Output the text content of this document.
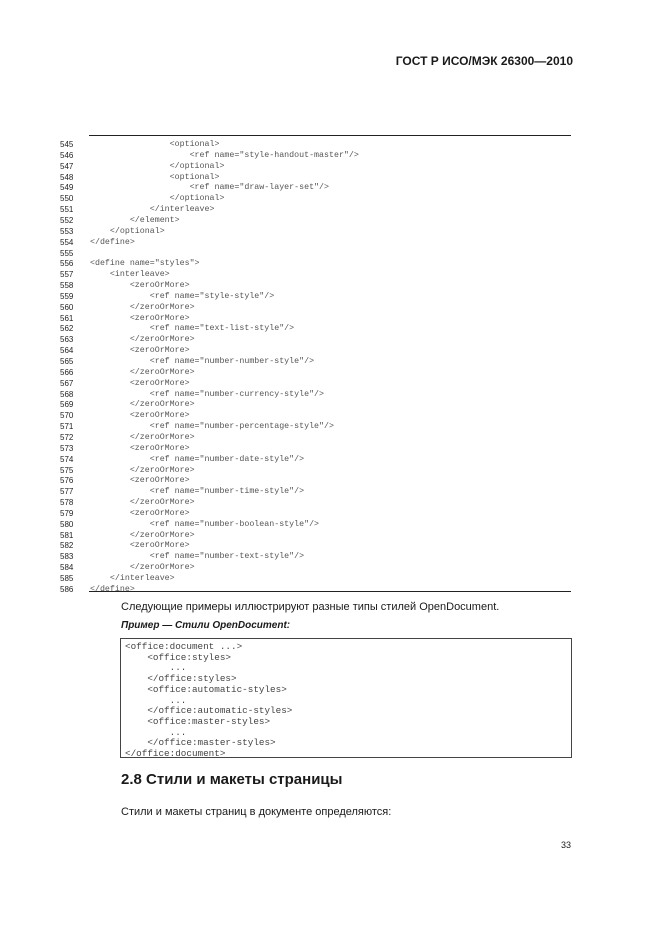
ГОСТ Р ИСО/МЭК 26300—2010
545	<optional>
546	<ref name="style-handout-master"/>
547	</optional>
548	<optional>
549	<ref name="draw-layer-set"/>
550	</optional>
551	</interleave>
552	</element>
553	</optional>
554	</define>
555
556	<define name="styles">
557	<interleave>
558	<zeroOrMore>
559	<ref name="style-style"/>
560	</zeroOrMore>
561	<zeroOrMore>
562	<ref name="text-list-style"/>
563	</zeroOrMore>
564	<zeroOrMore>
565	<ref name="number-number-style"/>
566	</zeroOrMore>
567	<zeroOrMore>
568	<ref name="number-currency-style"/>
569	</zeroOrMore>
570	<zeroOrMore>
571	<ref name="number-percentage-style"/>
572	</zeroOrMore>
573	<zeroOrMore>
574	<ref name="number-date-style"/>
575	</zeroOrMore>
576	<zeroOrMore>
577	<ref name="number-time-style"/>
578	</zeroOrMore>
579	<zeroOrMore>
580	<ref name="number-boolean-style"/>
581	</zeroOrMore>
582	<zeroOrMore>
583	<ref name="number-text-style"/>
584	</zeroOrMore>
585	</interleave>
586	</define>
Следующие примеры иллюстрируют разные типы стилей OpenDocument.
Пример — Стили OpenDocument:
<office:document ...>
<office:styles>
...
</office:styles>
<office:automatic-styles>
...
</office:automatic-styles>
<office:master-styles>
...
</office:master-styles>
</office:document>
2.8 Стили и макеты страницы
Стили и макеты страниц в документе определяются:
33
